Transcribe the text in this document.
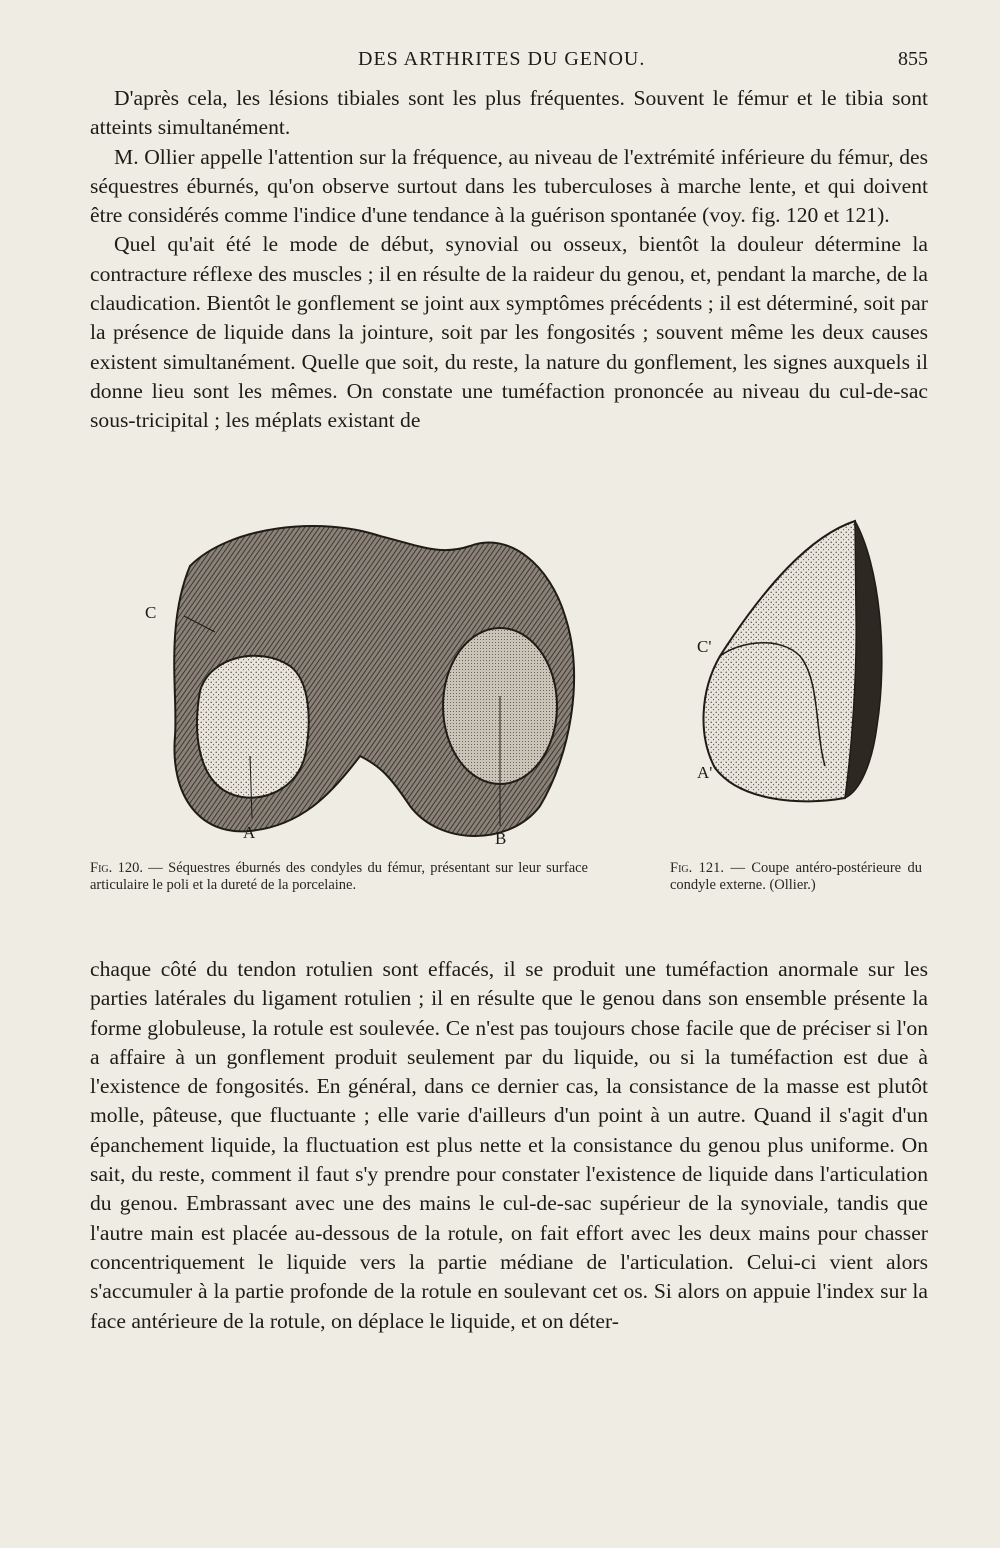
DES ARTHRITES DU GENOU.	855

D'après cela, les lésions tibiales sont les plus fréquentes. Souvent le fémur et le tibia sont atteints simultanément.

M. Ollier appelle l'attention sur la fréquence, au niveau de l'extrémité inférieure du fémur, des séquestres éburnés, qu'on observe surtout dans les tuberculoses à marche lente, et qui doivent être considérés comme l'indice d'une tendance à la guérison spontanée (voy. fig. 120 et 121).

Quel qu'ait été le mode de début, synovial ou osseux, bientôt la douleur détermine la contracture réflexe des muscles ; il en résulte de la raideur du genou, et, pendant la marche, de la claudication. Bientôt le gonflement se joint aux symptômes précédents ; il est déterminé, soit par la présence de liquide dans la jointure, soit par les fongosités ; souvent même les deux causes existent simultanément. Quelle que soit, du reste, la nature du gonflement, les signes auxquels il donne lieu sont les mêmes. On constate une tuméfaction prononcée au niveau du cul-de-sac sous-tricipital ; les méplats existant de

C
A	B
C'
A'
Fig. 120. — Séquestres éburnés des condyles du fémur, présentant sur leur surface articulaire le poli et la dureté de la porcelaine.
Fig. 121. — Coupe antéro-postérieure du condyle externe. (Ollier.)

chaque côté du tendon rotulien sont effacés, il se produit une tuméfaction anormale sur les parties latérales du ligament rotulien ; il en résulte que le genou dans son ensemble présente la forme globuleuse, la rotule est soulevée. Ce n'est pas toujours chose facile que de préciser si l'on a affaire à un gonflement produit seulement par du liquide, ou si la tuméfaction est due à l'existence de fongosités. En général, dans ce dernier cas, la consistance de la masse est plutôt molle, pâteuse, que fluctuante ; elle varie d'ailleurs d'un point à un autre. Quand il s'agit d'un épanchement liquide, la fluctuation est plus nette et la consistance du genou plus uniforme. On sait, du reste, comment il faut s'y prendre pour constater l'existence de liquide dans l'articulation du genou. Embrassant avec une des mains le cul-de-sac supérieur de la synoviale, tandis que l'autre main est placée au-dessous de la rotule, on fait effort avec les deux mains pour chasser concentriquement le liquide vers la partie médiane de l'articulation. Celui-ci vient alors s'accumuler à la partie profonde de la rotule en soulevant cet os. Si alors on appuie l'index sur la face antérieure de la rotule, on déplace le liquide, et on déter-
